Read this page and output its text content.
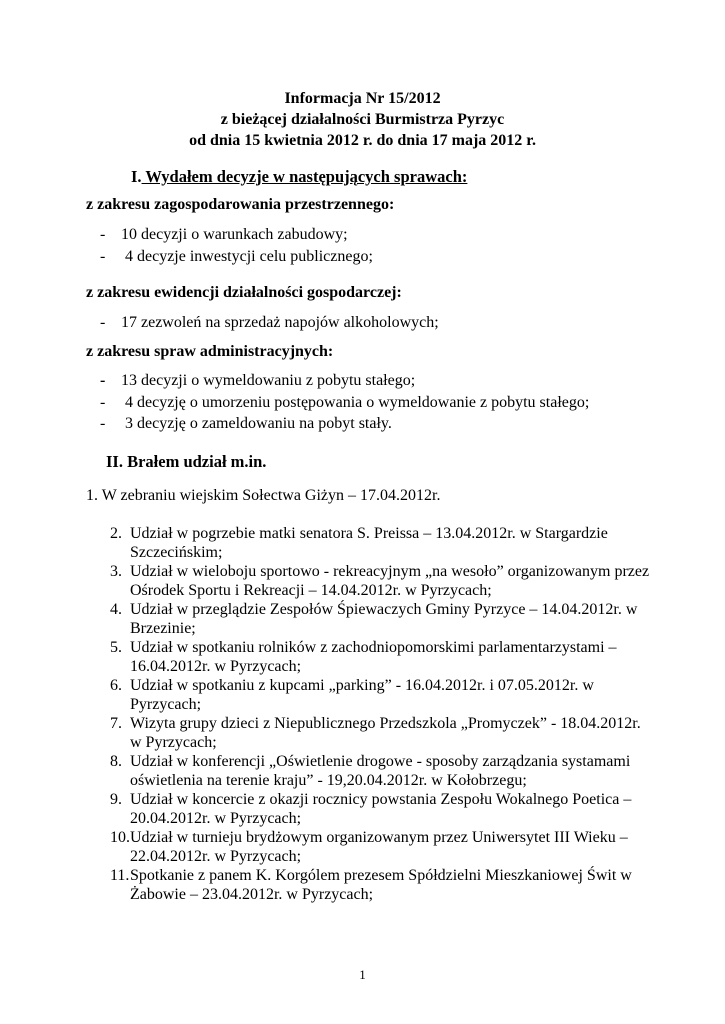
Informacja Nr 15/2012
z bieżącej działalności Burmistrza Pyrzyc
od dnia 15 kwietnia 2012 r. do dnia 17 maja 2012 r.
I. Wydałem decyzje w następujących sprawach:
z zakresu zagospodarowania przestrzennego:
- 10 decyzji o warunkach zabudowy;
- 4 decyzje inwestycji celu publicznego;
z zakresu ewidencji działalności gospodarczej:
- 17 zezwoleń na sprzedaż napojów alkoholowych;
z zakresu spraw administracyjnych:
- 13 decyzji o wymeldowaniu z pobytu stałego;
- 4 decyzję o umorzeniu postępowania o wymeldowanie z pobytu stałego;
- 3 decyzję o zameldowaniu na pobyt stały.
II. Brałem udział m.in.
1. W zebraniu wiejskim Sołectwa Giżyn – 17.04.2012r.
2. Udział w pogrzebie matki senatora S. Preissa – 13.04.2012r. w Stargardzie Szczecińskim;
3. Udział w wieloboju sportowo - rekreacyjnym „na wesoło” organizowanym przez Ośrodek Sportu i Rekreacji – 14.04.2012r. w Pyrzycach;
4. Udział w przeglądzie Zespołów Śpiewaczych Gminy Pyrzyce – 14.04.2012r. w Brzezinie;
5. Udział w spotkaniu rolników z zachodniopomorskimi parlamentarzystami – 16.04.2012r. w Pyrzycach;
6. Udział w spotkaniu z kupcami „parking” - 16.04.2012r. i 07.05.2012r. w Pyrzycach;
7. Wizyta grupy dzieci z Niepublicznego Przedszkola „Promyczek” - 18.04.2012r. w Pyrzycach;
8. Udział w konferencji „Oświetlenie drogowe - sposoby zarządzania systamami oświetlenia na terenie kraju” - 19,20.04.2012r. w Kołobrzegu;
9. Udział w koncercie z okazji rocznicy powstania Zespołu Wokalnego Poetica – 20.04.2012r. w Pyrzycach;
10. Udział w turnieju brydżowym organizowanym przez Uniwersytet III Wieku – 22.04.2012r. w Pyrzycach;
11. Spotkanie z panem K. Korgólem prezesem Spółdzielni Mieszkaniowej Świt w Żabowie – 23.04.2012r. w Pyrzycach;
1
